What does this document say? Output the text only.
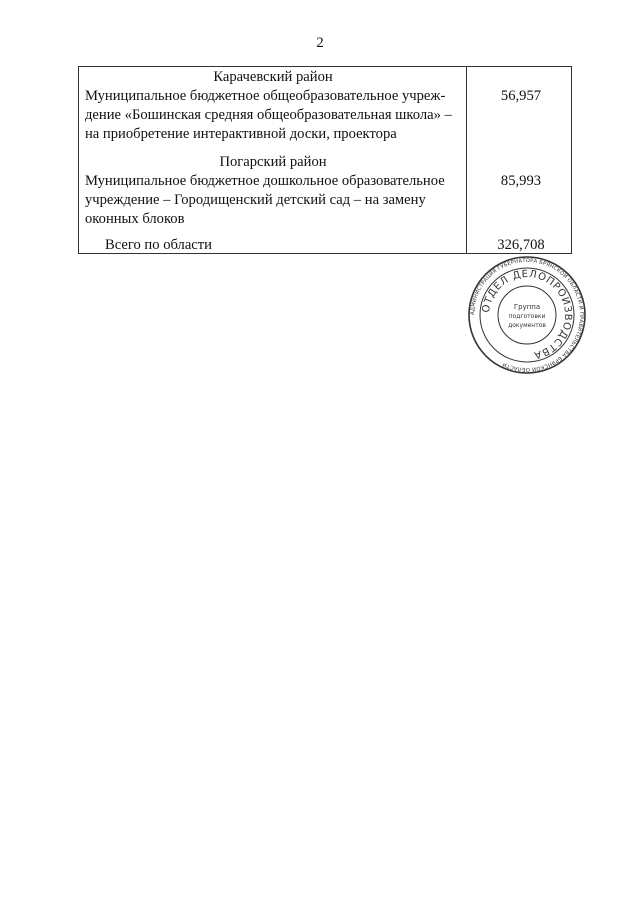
2
Карачевский район
Муниципальное бюджетное общеобразовательное учреж-
дение «Бошинская средняя общеобразовательная школа» –
на приобретение интерактивной доски, проектора
56,957
Погарский район
Муниципальное бюджетное дошкольное образовательное
учреждение – Городищенский детский сад – на замену
оконных блоков
85,993
Всего по области	326,708
АДМИНИСТРАЦИЯ ГУБЕРНАТОРА БРЯНСКОЙ ОБЛАСТИ И ПРАВИТЕЛЬСТВА БРЯНСКОЙ ОБЛАСТИ
ОТДЕЛ ДЕЛОПРОИЗВОДСТВА
Группа
подготовки
документов
